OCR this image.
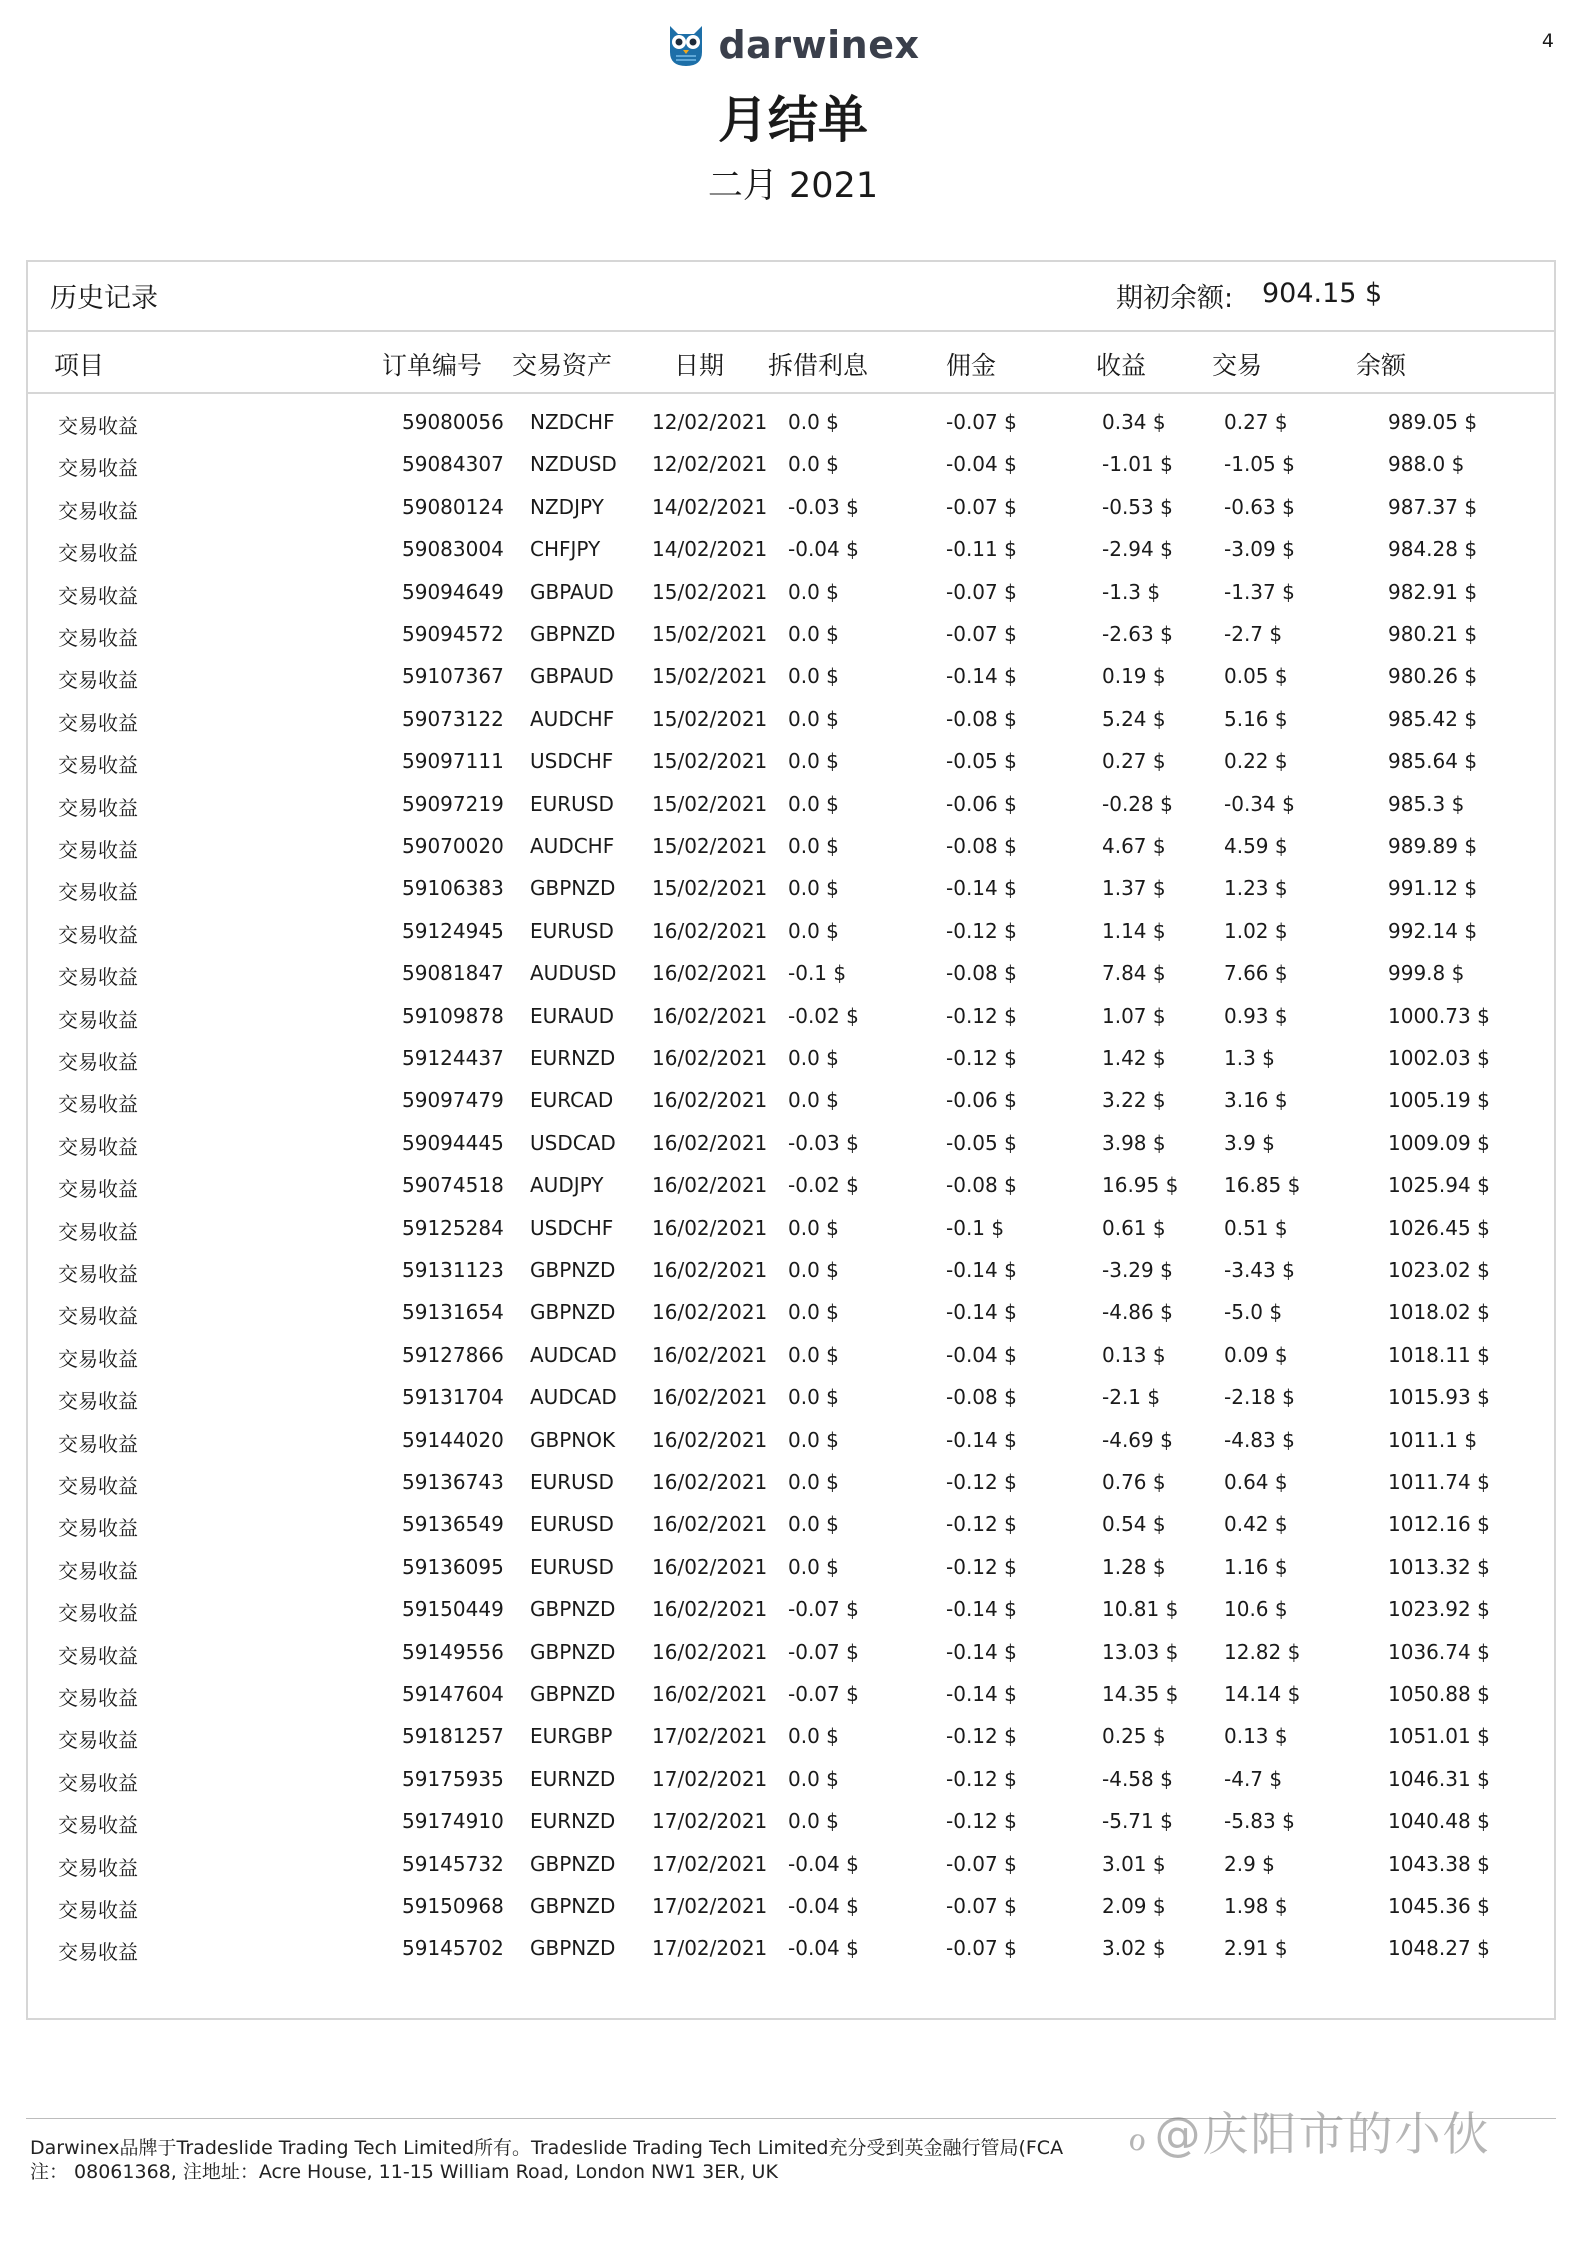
4
darwinex
月结单
二月 2021
历史记录	期初余额: 904.15 $
项目	订单编号 交易资产 日期 拆借利息	佣金	收益	交易	余额
交易收益	59080056 NZDCHF 12/02/2021 0.0 $	-0.07 $	0.34 $	0.27 $	989.05 $
交易收益	59084307 NZDUSD 12/02/2021 0.0 $	-0.04 $	-1.01 $	-1.05 $	988.0 $
交易收益	59080124 NZDJPY 14/02/2021 -0.03 $	-0.07 $	-0.53 $	-0.63 $	987.37 $
交易收益	59083004 CHFJPY	14/02/2021 -0.04 $	-0.11 $	-2.94 $	-3.09 $	984.28 $
交易收益	59094649 GBPAUD 15/02/2021 0.0 $	-0.07 $	-1.3 $	-1.37 $	982.91 $
交易收益	59094572 GBPNZD 15/02/2021 0.0 $	-0.07 $	-2.63 $	-2.7 $	980.21 $
交易收益	59107367 GBPAUD 15/02/2021 0.0 $	-0.14 $	0.19 $	0.05 $	980.26 $
交易收益	59073122 AUDCHF 15/02/2021 0.0 $	-0.08 $	5.24 $	5.16 $	985.42 $
交易收益	59097111 USDCHF 15/02/2021 0.0 $	-0.05 $	0.27 $	0.22 $	985.64 $
交易收益	59097219 EURUSD 15/02/2021 0.0 $	-0.06 $	-0.28 $	-0.34 $	985.3 $
交易收益	59070020 AUDCHF 15/02/2021 0.0 $	-0.08 $	4.67 $	4.59 $	989.89 $
交易收益	59106383 GBPNZD 15/02/2021 0.0 $	-0.14 $	1.37 $	1.23 $	991.12 $
交易收益	59124945 EURUSD 16/02/2021 0.0 $	-0.12 $	1.14 $	1.02 $	992.14 $
交易收益	59081847 AUDUSD 16/02/2021 -0.1 $	-0.08 $	7.84 $	7.66 $	999.8 $
交易收益	59109878 EURAUD 16/02/2021 -0.02 $	-0.12 $	1.07 $	0.93 $	1000.73 $
交易收益	59124437 EURNZD 16/02/2021 0.0 $	-0.12 $	1.42 $	1.3 $	1002.03 $
交易收益	59097479 EURCAD 16/02/2021 0.0 $	-0.06 $	3.22 $	3.16 $	1005.19 $
交易收益	59094445 USDCAD 16/02/2021 -0.03 $	-0.05 $	3.98 $	3.9 $	1009.09 $
交易收益	59074518 AUDJPY 16/02/2021 -0.02 $	-0.08 $	16.95 $ 16.85 $	1025.94 $
交易收益	59125284 USDCHF 16/02/2021 0.0 $	-0.1 $	0.61 $	0.51 $	1026.45 $
交易收益	59131123 GBPNZD 16/02/2021 0.0 $	-0.14 $	-3.29 $	-3.43 $	1023.02 $
交易收益	59131654 GBPNZD 16/02/2021 0.0 $	-0.14 $	-4.86 $	-5.0 $	1018.02 $
交易收益	59127866 AUDCAD 16/02/2021 0.0 $	-0.04 $	0.13 $	0.09 $	1018.11 $
交易收益	59131704 AUDCAD 16/02/2021 0.0 $	-0.08 $	-2.1 $	-2.18 $	1015.93 $
交易收益	59144020 GBPNOK 16/02/2021 0.0 $	-0.14 $	-4.69 $	-4.83 $	1011.1 $
交易收益	59136743 EURUSD 16/02/2021 0.0 $	-0.12 $	0.76 $	0.64 $	1011.74 $
交易收益	59136549 EURUSD 16/02/2021 0.0 $	-0.12 $	0.54 $	0.42 $	1012.16 $
交易收益	59136095 EURUSD 16/02/2021 0.0 $	-0.12 $	1.28 $	1.16 $	1013.32 $
交易收益	59150449 GBPNZD 16/02/2021 -0.07 $	-0.14 $	10.81 $ 10.6 $	1023.92 $
交易收益	59149556 GBPNZD 16/02/2021 -0.07 $	-0.14 $	13.03 $ 12.82 $	1036.74 $
交易收益	59147604 GBPNZD 16/02/2021 -0.07 $	-0.14 $	14.35 $ 14.14 $	1050.88 $
交易收益	59181257 EURGBP 17/02/2021 0.0 $	-0.12 $	0.25 $	0.13 $	1051.01 $
交易收益	59175935 EURNZD 17/02/2021 0.0 $	-0.12 $	-4.58 $	-4.7 $	1046.31 $
交易收益	59174910 EURNZD 17/02/2021 0.0 $	-0.12 $	-5.71 $	-5.83 $	1040.48 $
交易收益	59145732 GBPNZD 17/02/2021 -0.04 $	-0.07 $	3.01 $	2.9 $	1043.38 $
交易收益	59150968 GBPNZD 17/02/2021 -0.04 $	-0.07 $	2.09 $	1.98 $	1045.36 $
交易收益	59145702 GBPNZD 17/02/2021 -0.04 $	-0.07 $	3.02 $	2.91 $	1048.27 $
Darwinex品牌于Tradeslide Trading Tech Limited所有。Tradeslide Trading Tech Limited充分受到英金融行管局(FCA
注： 08061368, 注地址：Acre House, 11-15 William Road, London NW1 3ER, UK
ℴ @庆阳市的小伙
